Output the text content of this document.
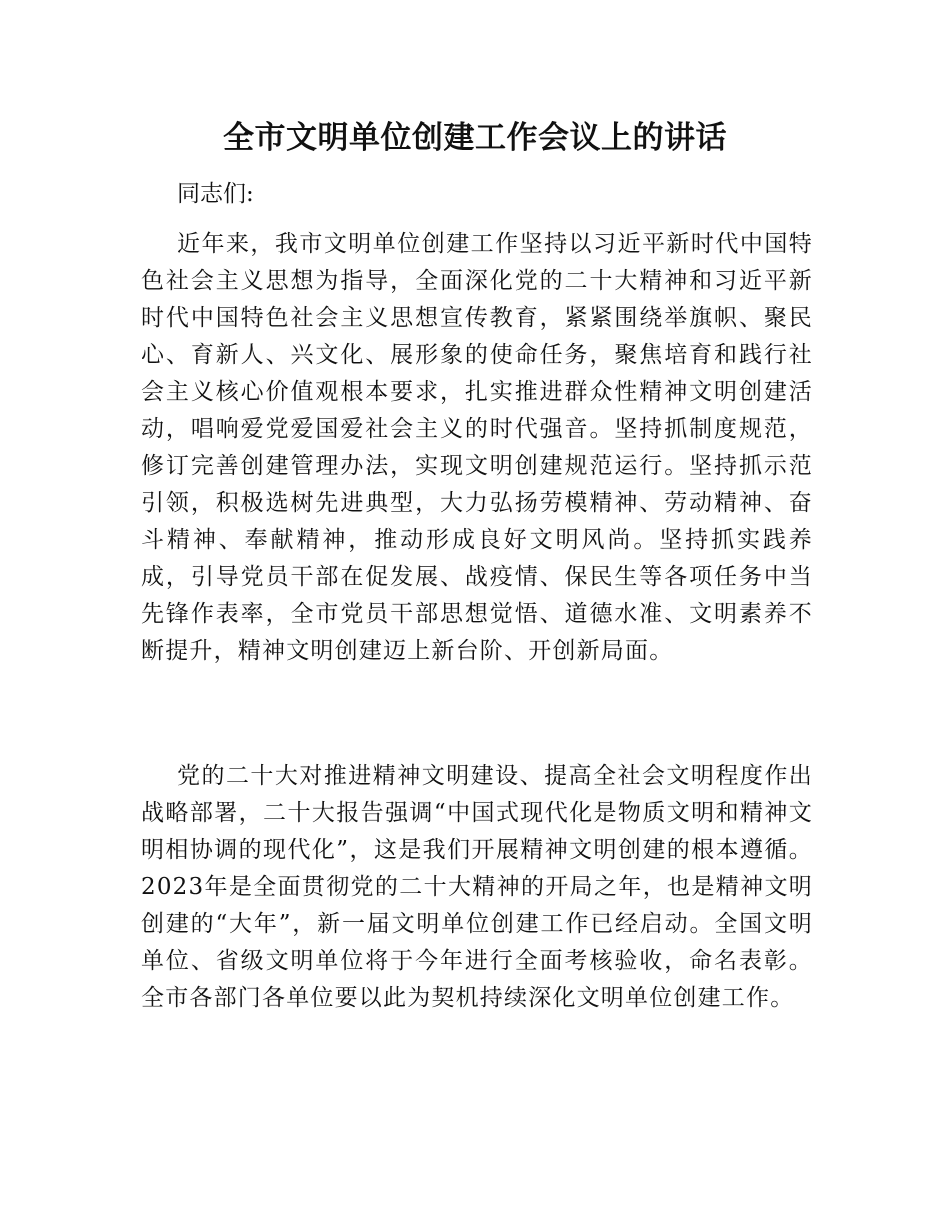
全市文明单位创建工作会议上的讲话

同志们:

近年来，我市文明单位创建工作坚持以习近平新时代中国特色社会主义思想为指导，全面深化党的二十大精神和习近平新时代中国特色社会主义思想宣传教育，紧紧围绕举旗帜、聚民心、育新人、兴文化、展形象的使命任务，聚焦培育和践行社会主义核心价值观根本要求，扎实推进群众性精神文明创建活动，唱响爱党爱国爱社会主义的时代强音。坚持抓制度规范，修订完善创建管理办法，实现文明创建规范运行。坚持抓示范引领，积极选树先进典型，大力弘扬劳模精神、劳动精神、奋斗精神、奉献精神，推动形成良好文明风尚。坚持抓实践养成，引导党员干部在促发展、战疫情、保民生等各项任务中当先锋作表率，全市党员干部思想觉悟、道德水准、文明素养不断提升，精神文明创建迈上新台阶、开创新局面。

党的二十大对推进精神文明建设、提高全社会文明程度作出战略部署，二十大报告强调“中国式现代化是物质文明和精神文明相协调的现代化”，这是我们开展精神文明创建的根本遵循。2023年是全面贯彻党的二十大精神的开局之年，也是精神文明创建的“大年”，新一届文明单位创建工作已经启动。全国文明单位、省级文明单位将于今年进行全面考核验收，命名表彰。全市各部门各单位要以此为契机持续深化文明单位创建工作。
